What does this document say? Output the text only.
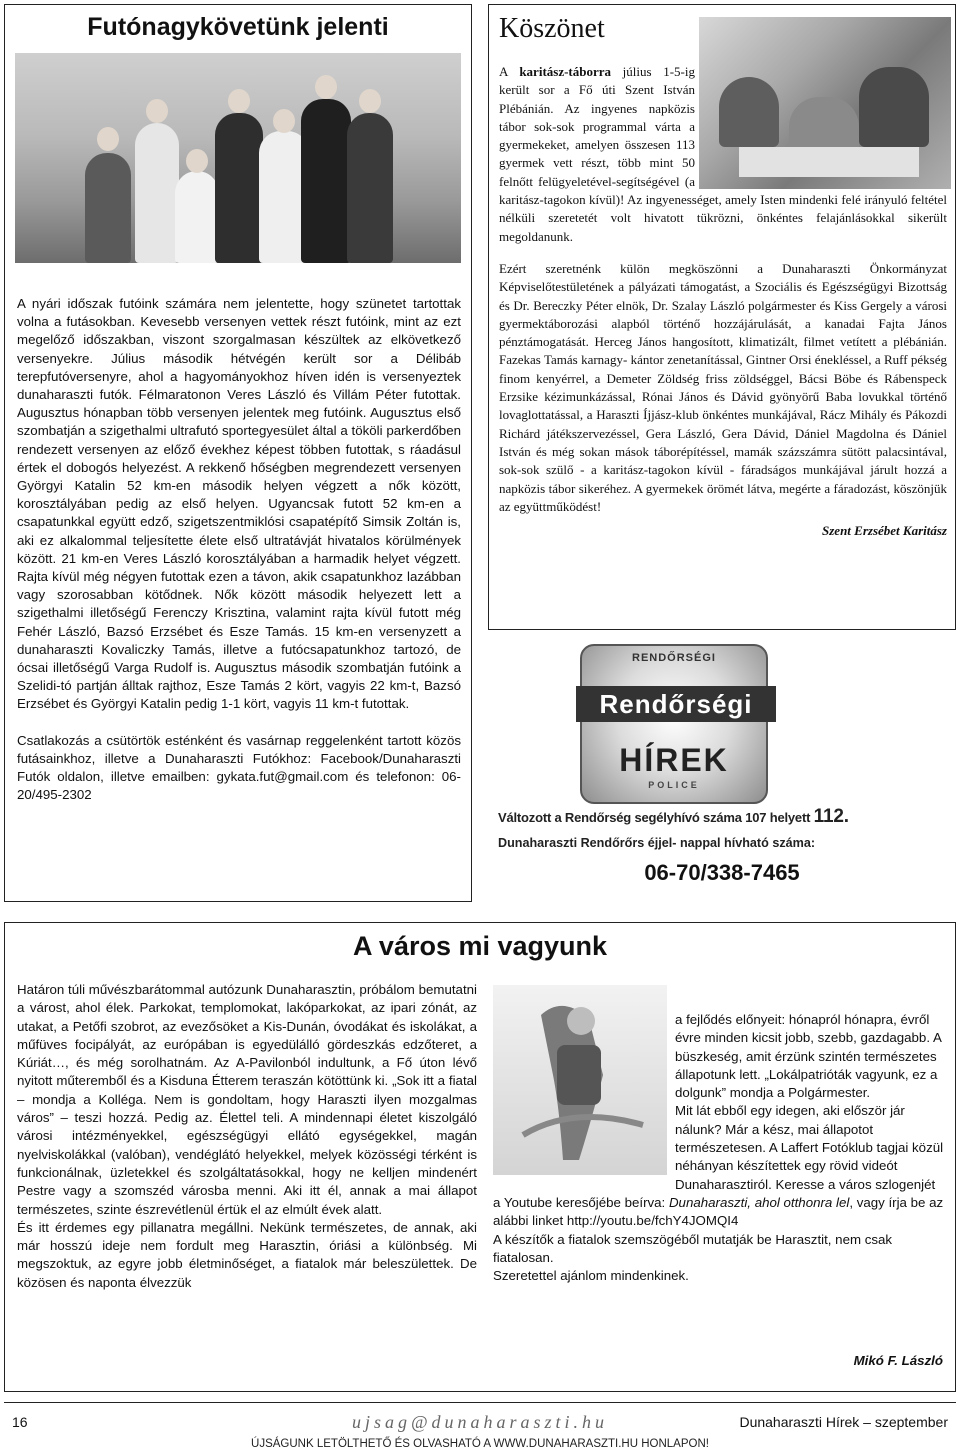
Futónagykövetünk jelenti

A nyári időszak futóink számára nem jelentette, hogy szünetet tartottak volna a futásokban. Kevesebb versenyen vettek részt futóink, mint az ezt megelőző időszakban, viszont szorgalmasan készültek az elkövetkező versenyekre. Július második hétvégén került sor a Délibáb terepfutóversenyre, ahol a hagyományokhoz híven idén is versenyeztek dunaharaszti futók. Félmaratonon Veres László és Villám Péter futottak. Augusztus hónapban több versenyen jelentek meg futóink. Augusztus első szombatján a szigethalmi ultrafutó sportegyesület által a tököli parkerdőben rendezett versenyen az előző évekhez képest többen futottak, s ráadásul értek el dobogós helyezést. A rekkenő hőségben megrendezett versenyen Györgyi Katalin 52 km-en második helyen végzett a nők között, korosztályában pedig az első helyen. Ugyancsak futott 52 km-en a csapatunkkal együtt edző, szigetszentmiklósi csapatépítő Simsik Zoltán is, aki ez alkalommal teljesítette élete első ultratávját hivatalos körülmények között. 21 km-en Veres László korosztályában a harmadik helyet végzett. Rajta kívül még négyen futottak ezen a távon, akik csapatunkhoz lazábban vagy szorosabban kötődnek. Nők között második helyezett lett a szigethalmi illetőségű Ferenczy Krisztina, valamint rajta kívül futott még Fehér László, Bazsó Erzsébet és Esze Tamás. 15 km-en versenyzett a dunaharaszti Kovaliczky Tamás, illetve a futócsapatunkhoz tartozó, de ócsai illetőségű Varga Rudolf is. Augusztus második szombatján futóink a Szelidi-tó partján álltak rajthoz, Esze Tamás 2 kört, vagyis 22 km-t, Bazsó Erzsébet és Györgyi Katalin pedig 1-1 kört, vagyis 11 km-t futottak.

Csatlakozás a csütörtök esténként és vasárnap reggelenként tartott közös futásainkhoz, illetve a Dunaharaszti Futókhoz: Facebook/Dunaharaszti Futók oldalon, illetve emailben: gykata.fut@gmail.com és telefonon: 06-20/495-2302

Köszönet

A karitász-táborra július 1-5-ig került sor a Fő úti Szent István Plébánián. Az ingyenes napközis tábor sok-sok programmal várta a gyermekeket, amelyen összesen 113 gyermek vett részt, több mint 50 felnőtt felügyeletével-segítségével (a karitász-tagokon kívül)! Az ingyenességet, amely Isten mindenki felé irányuló feltétel nélküli szeretetét volt hivatott tükrözni, önkéntes felajánlásokkal sikerült megoldanunk.

Ezért szeretnénk külön megköszönni a Dunaharaszti Önkormányzat Képviselőtestületének a pályázati támogatást, a Szociális és Egészségügyi Bizottság és Dr. Bereczky Péter elnök, Dr. Szalay László polgármester és Kiss Gergely a városi gyermektáborozási alapból történő hozzájárulását, a kanadai Fajta János pénztámogatását. Herceg János hangosított, klimatizált, filmet vetített a plébánián. Fazekas Tamás karnagy- kántor zenetanítással, Gintner Orsi énekléssel, a Ruff pékség finom kenyérrel, a Demeter Zöldség friss zöldséggel, Bácsi Böbe és Rábenspeck Erzsike kézimunkázással, Rónai János és Dávid gyönyörű Baba lovukkal történő lovaglottatással, a Haraszti Íjjász-klub önkéntes munkájával, Rácz Mihály és Pákozdi Richárd játékszervezéssel, Gera László, Gera Dávid, Dániel Magdolna és Dániel István és még sokan mások táborépítéssel, mamák százszámra sütött palacsintával, sok-sok szülő - a karitász-tagokon kívül - fáradságos munkájával járult hozzá a napközis tábor sikeréhez. A gyermekek örömét látva, megérte a fáradozást, köszönjük az együttműködést!

Szent Erzsébet Karitász

RENDŐRSÉGI
Rendőrségi
HÍREK
POLICE
Változott a Rendőrség segélyhívó száma 107 helyett 112.
Dunaharaszti Rendőrőrs éjjel- nappal hívható száma:
06-70/338-7465
A város mi vagyunk

Határon túli művészbarátommal autózunk Dunaharasztin, próbálom bemutatni a várost, ahol élek. Parkokat, templomokat, lakóparkokat, az ipari zónát, az utakat, a Petőfi szobrot, az evezősöket a Kis-Dunán, óvodákat és iskolákat, a műfüves focipályát, az európában is egyedülálló gördeszkás edzőteret, a Kúriát…, és még sorolhatnám. Az A-Pavilonból indultunk, a Fő úton lévő nyitott műteremből és a Kisduna Étterem teraszán kötöttünk ki. „Sok itt a fiatal – mondja a Kolléga. Nem is gondoltam, hogy Haraszti ilyen mozgalmas város” – teszi hozzá. Pedig az. Élettel teli. A mindennapi életet kiszolgáló városi intézményekkel, egészségügyi ellátó egységekkel, magán nyelviskolákkal (valóban), vendéglátó helyekkel, melyek közösségi térként is funkcionálnak, üzletekkel és szolgáltatásokkal, hogy ne kelljen mindenért Pestre vagy a szomszéd városba menni. Aki itt él, annak a mai állapot természetes, szinte észrevétlenül értük el az elmúlt évek alatt.

És itt érdemes egy pillanatra megállni. Nekünk természetes, de annak, aki már hosszú ideje nem fordult meg Harasztin, óriási a különbség. Mi megszoktuk, az egyre jobb életminőséget, a fiatalok már beleszülettek. De közösen és naponta élvezzük

a fejlődés előnyeit: hónapról hónapra, évről évre minden kicsit jobb, szebb, gazdagabb. A büszkeség, amit érzünk szintén természetes állapotunk lett. „Lokálpatrióták vagyunk, ez a dolgunk” mondja a Polgármester.

Mit lát ebből egy idegen, aki először jár nálunk? Már a kész, mai állapotot természetesen. A Laffert Fotóklub tagjai közül néhányan készítettek egy rövid videót Dunaharasztiról. Keresse a város szlogenjét a Youtube keresőjébe beírva: Dunaharaszti, ahol otthonra lel, vagy írja be az alábbi linket http://youtu.be/fchY4JOMQI4

A készítők a fiatalok szemszögéből mutatják be Harasztit, nem csak fiatalosan.

Szeretettel ajánlom mindenkinek.

Mikó F. László
16	ujsag@dunaharaszti.hu	Dunaharaszti Hírek – szeptember
ÚJSÁGUNK LETÖLTHETŐ ÉS OLVASHATÓ A WWW.DUNAHARASZTI.HU HONLAPON!
